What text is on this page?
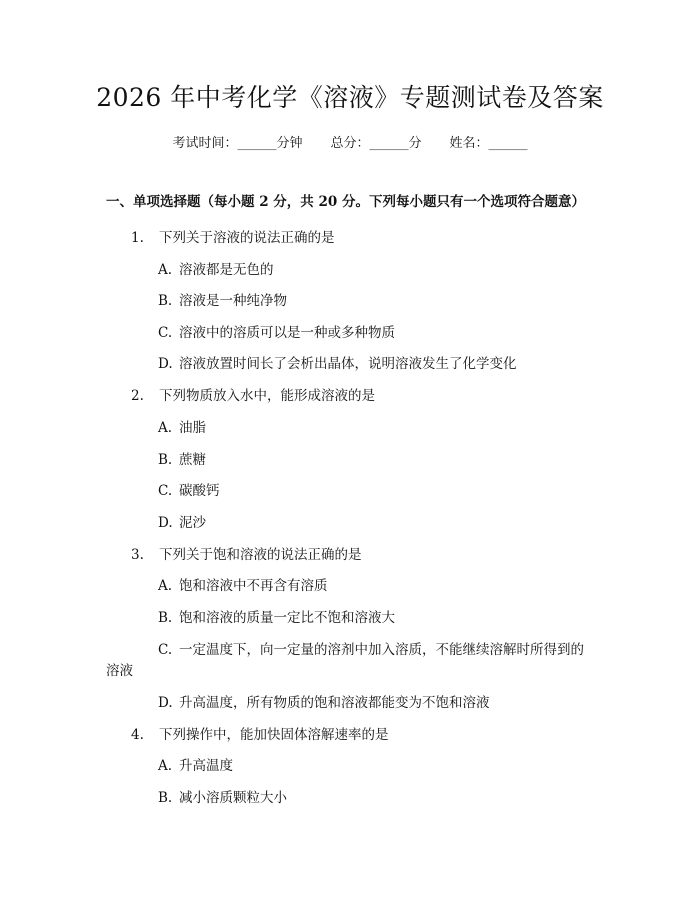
2026 年中考化学《溶液》专题测试卷及答案
考试时间：______分钟 总分：______分 姓名：______
一、单项选择题（每小题 2 分，共 20 分。下列每小题只有一个选项符合题意）
1. 下列关于溶液的说法正确的是
A. 溶液都是无色的
B. 溶液是一种纯净物
C. 溶液中的溶质可以是一种或多种物质
D. 溶液放置时间长了会析出晶体，说明溶液发生了化学变化
2. 下列物质放入水中，能形成溶液的是
A. 油脂
B. 蔗糖
C. 碳酸钙
D. 泥沙
3. 下列关于饱和溶液的说法正确的是
A. 饱和溶液中不再含有溶质
B. 饱和溶液的质量一定比不饱和溶液大
C. 一定温度下，向一定量的溶剂中加入溶质，不能继续溶解时所得到的
溶液
D. 升高温度，所有物质的饱和溶液都能变为不饱和溶液
4. 下列操作中，能加快固体溶解速率的是
A. 升高温度
B. 减小溶质颗粒大小
